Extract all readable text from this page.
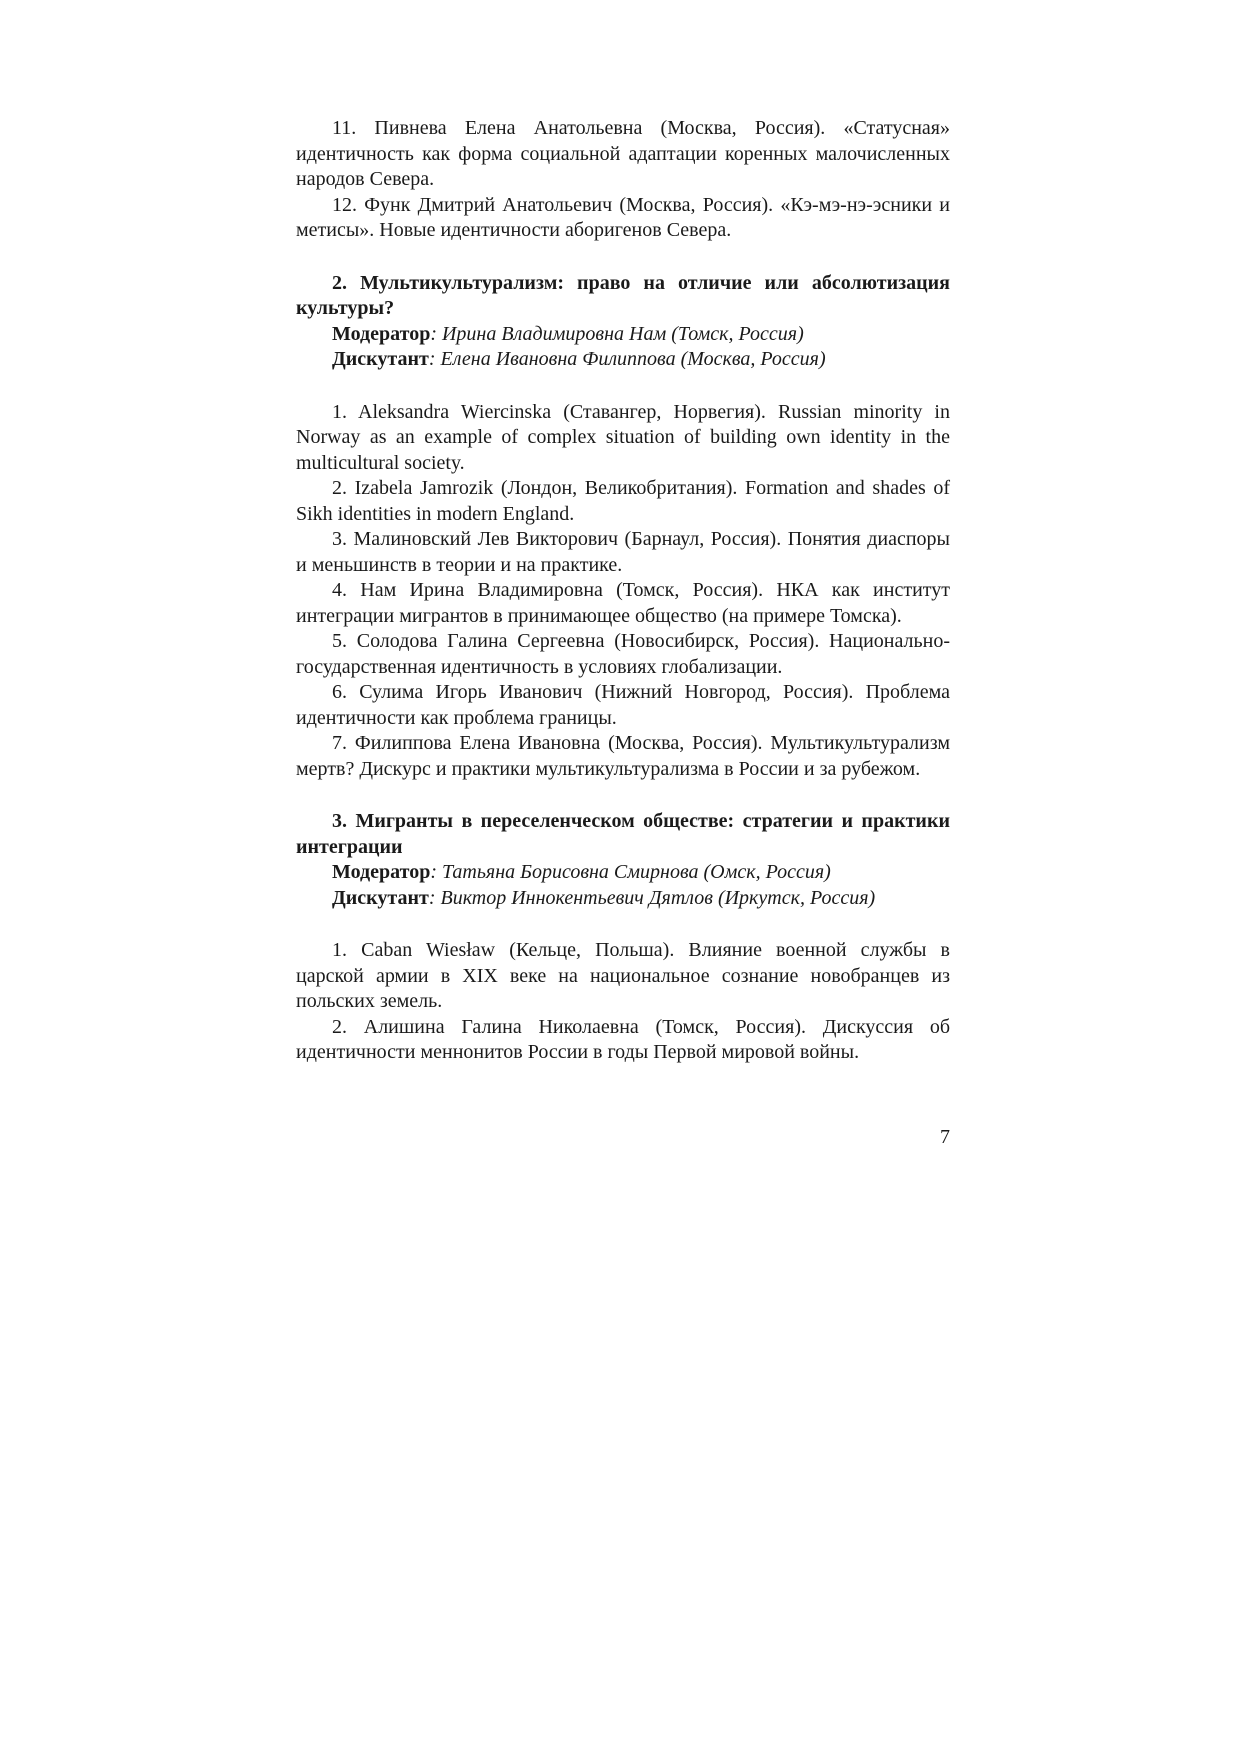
11. Пивнева Елена Анатольевна (Москва, Россия). «Статусная» идентичность как форма социальной адаптации коренных малочисленных народов Севера.

12. Функ Дмитрий Анатольевич (Москва, Россия). «Кэ-мэ-нэ-эсники и метисы». Новые идентичности аборигенов Севера.

2. Мультикультурализм: право на отличие или абсолютизация культуры?

Модератор: Ирина Владимировна Нам (Томск, Россия)

Дискутант: Елена Ивановна Филиппова (Москва, Россия)

1. Aleksandra Wiercinska (Ставангер, Норвегия). Russian minority in Norway as an example of complex situation of building own identity in the multicultural society.

2. Izabela Jamrozik (Лондон, Великобритания). Formation and shades of Sikh identities in modern England.

3. Малиновский Лев Викторович (Барнаул, Россия). Понятия диаспоры и меньшинств в теории и на практике.

4. Нам Ирина Владимировна (Томск, Россия). НКА как институт интеграции мигрантов в принимающее общество (на примере Томска).

5. Солодова Галина Сергеевна (Новосибирск, Россия). Национально-государственная идентичность в условиях глобализации.

6. Сулима Игорь Иванович (Нижний Новгород, Россия). Проблема идентичности как проблема границы.

7. Филиппова Елена Ивановна (Москва, Россия). Мультикультурализм мертв? Дискурс и практики мультикультурализма в России и за рубежом.

3. Мигранты в переселенческом обществе: стратегии и практики интеграции

Модератор: Татьяна Борисовна Смирнова (Омск, Россия)

Дискутант: Виктор Иннокентьевич Дятлов (Иркутск, Россия)

1. Caban Wiesław (Кельце, Польша). Влияние военной службы в царской армии в XIX веке на национальное сознание новобранцев из польских земель.

2. Алишина Галина Николаевна (Томск, Россия). Дискуссия об идентичности меннонитов России в годы Первой мировой войны.

7
